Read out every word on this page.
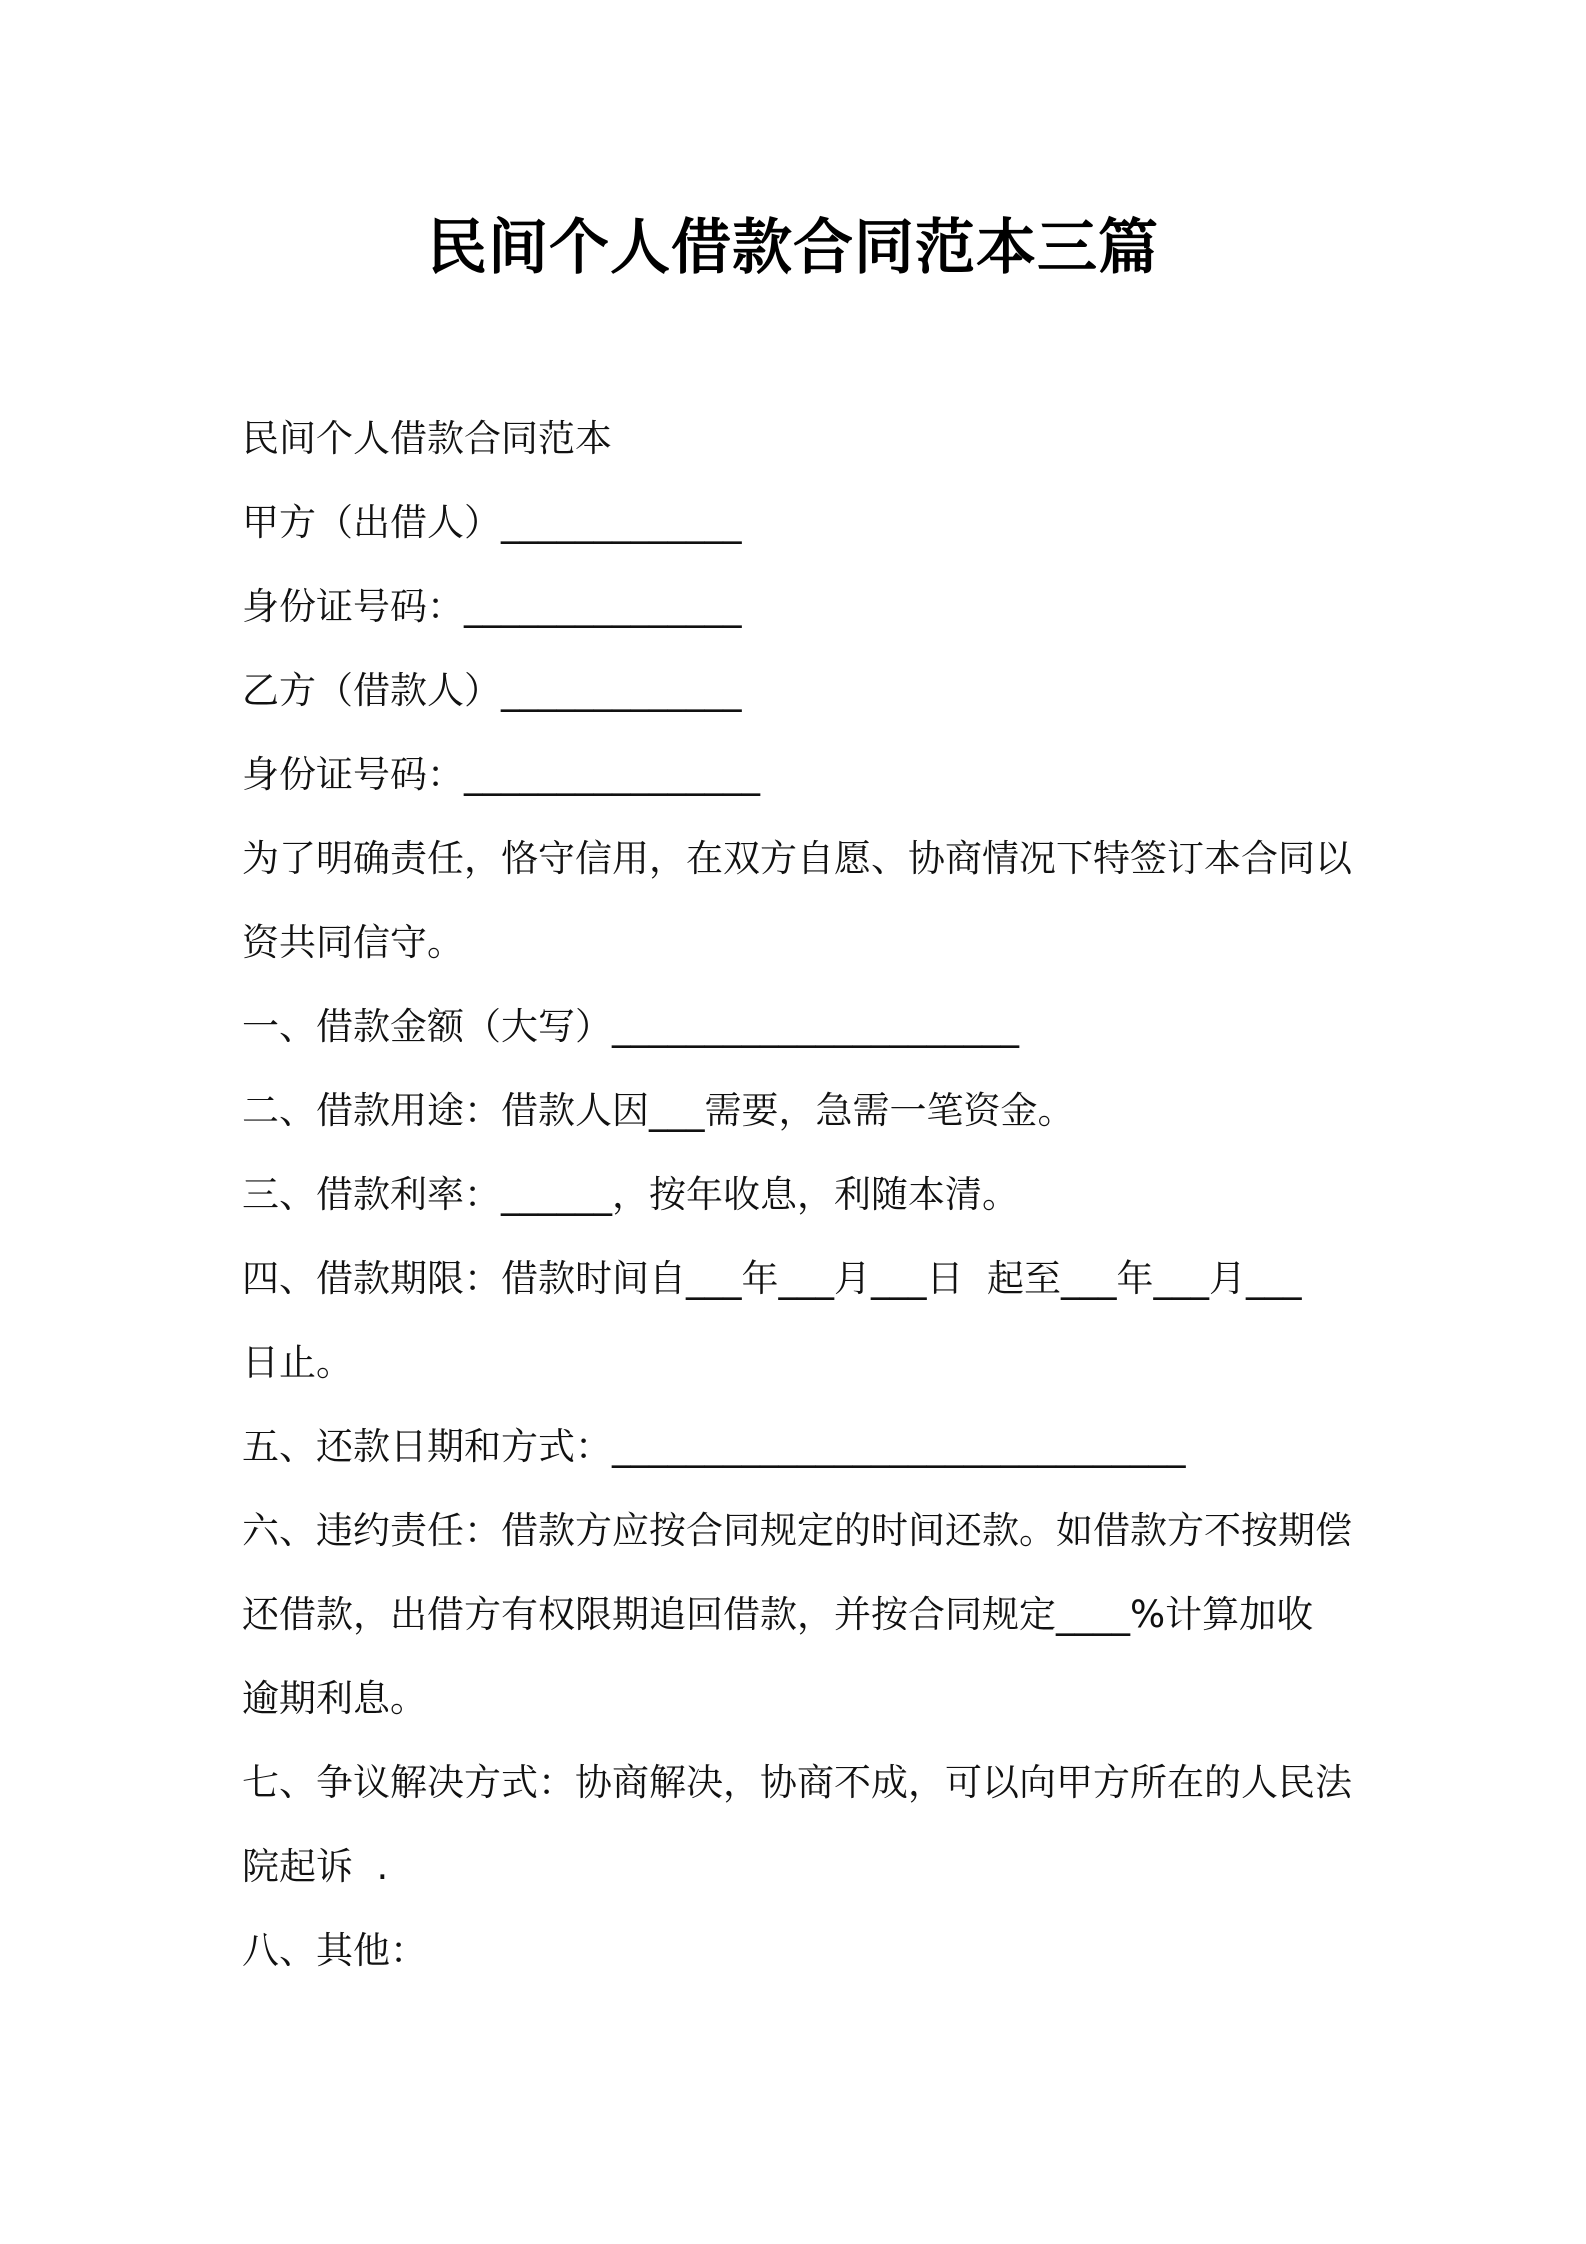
民间个人借款合同范本三篇
民间个人借款合同范本
甲方（出借人）_____________
身份证号码：_______________
乙方（借款人）_____________
身份证号码：________________
为了明确责任，恪守信用，在双方自愿、协商情况下特签订本合同以
资共同信守。
一、借款金额（大写）______________________
二、借款用途：借款人因___需要，急需一笔资金。
三、借款利率：______，按年收息，利随本清。
四、借款期限：借款时间自___年___月___日  起至___年___月___
日止。
五、还款日期和方式：_______________________________
六、违约责任：借款方应按合同规定的时间还款。如借款方不按期偿
还借款，出借方有权限期追回借款，并按合同规定____%计算加收
逾期利息。
七、争议解决方式：协商解决，协商不成，可以向甲方所在的人民法
院起诉  .
八、其他：
